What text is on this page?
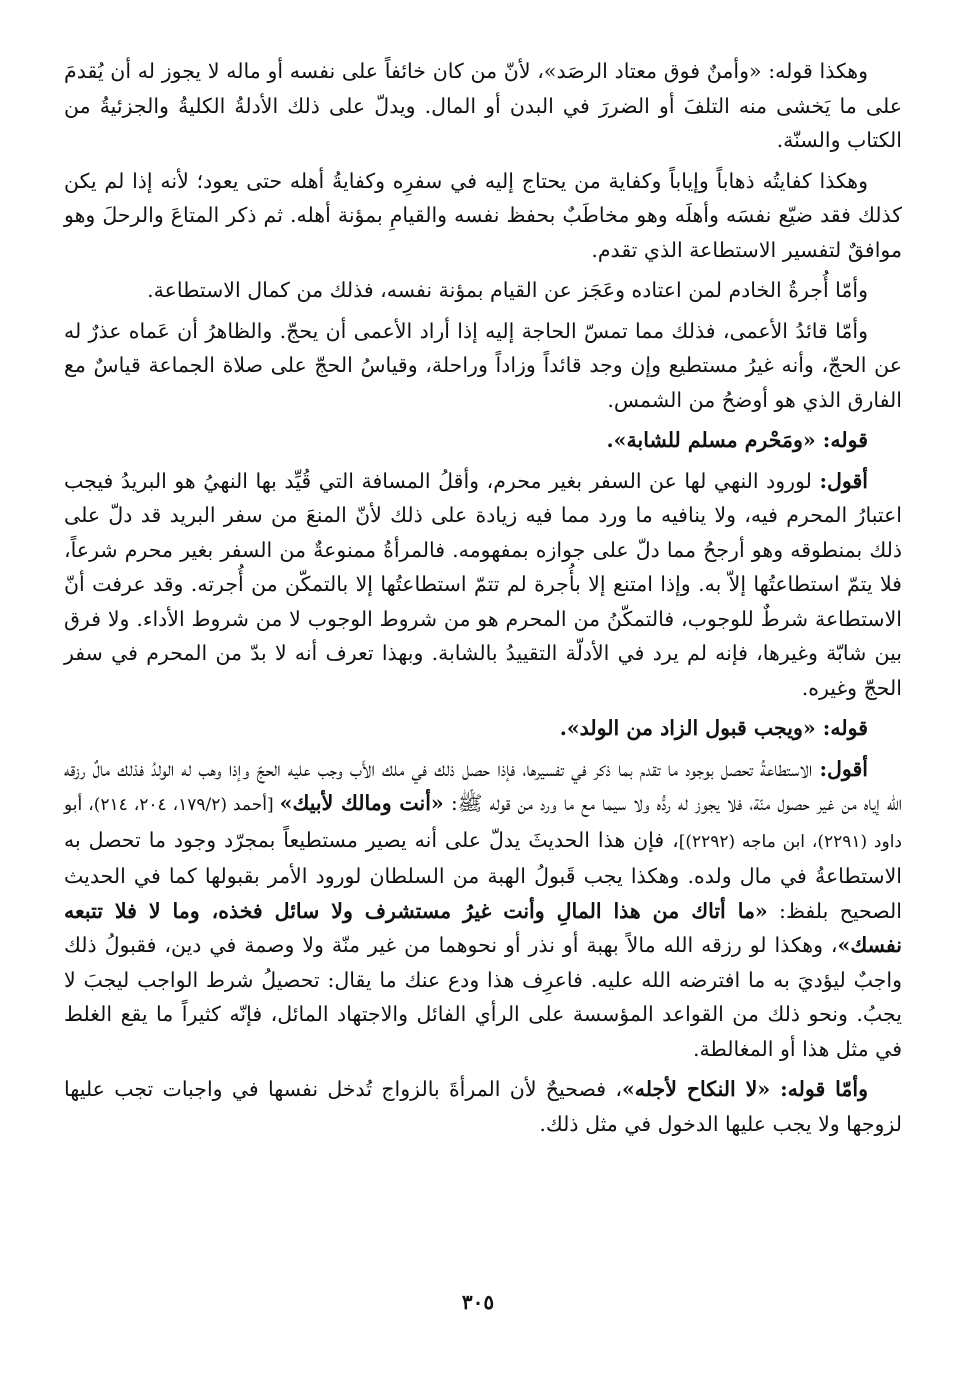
وهكذا قوله: «وأمنٌ فوق معتاد الرصَد»، لأنّ من كان خائفاً على نفسه أو ماله لا يجوز له أن يُقدمَ على ما يَخشى منه التلفَ أو الضررَ في البدن أو المال. ويدلّ على ذلك الأدلةُ الكليةُ والجزئيةُ من الكتاب والسنّة.

وهكذا كفايتُه ذهاباً وإياباً وكفاية من يحتاج إليه في سفرِه وكفايةُ أهله حتى يعود؛ لأنه إذا لم يكن كذلك فقد ضيّع نفسَه وأهلَه وهو مخاطَبٌ بحفظ نفسه والقيامِ بمؤنة أهله. ثم ذكر المتاعَ والرحلَ وهو موافقٌ لتفسير الاستطاعة الذي تقدم.

وأمّا أُجرةُ الخادم لمن اعتاده وعَجَز عن القيام بمؤنة نفسه، فذلك من كمال الاستطاعة.

وأمّا قائدُ الأعمى، فذلك مما تمسّ الحاجة إليه إذا أراد الأعمى أن يحجّ. والظاهرُ أن عَماه عذرٌ له عن الحجّ، وأنه غيرُ مستطيع وإن وجد قائداً وزاداً وراحلة، وقياسُ الحجّ على صلاة الجماعة قياسٌ مع الفارق الذي هو أوضحُ من الشمس.

قوله: «ومَحْرم مسلم للشابة».

أقول: لورود النهي لها عن السفر بغير محرم، وأقلُ المسافة التي قُيِّد بها النهيُ هو البريدُ فيجب اعتبارُ المحرم فيه، ولا ينافيه ما ورد مما فيه زيادة على ذلك لأنّ المنعَ من سفر البريد قد دلّ على ذلك بمنطوقه وهو أرجحُ مما دلّ على جوازه بمفهومه. فالمرأةُ ممنوعةٌ من السفر بغير محرم شرعاً، فلا يتمّ استطاعتُها إلاّ به. وإذا امتنع إلا بأُجرة لم تتمّ استطاعتُها إلا بالتمكّن من أُجرته. وقد عرفت أنّ الاستطاعة شرطٌ للوجوب، فالتمكّنُ من المحرم هو من شروط الوجوب لا من شروط الأداء. ولا فرق بين شابّة وغيرها، فإنه لم يرد في الأدلّة التقييدُ بالشابة. وبهذا تعرف أنه لا بدّ من المحرم في سفر الحجّ وغيره.

قوله: «ويجب قبول الزاد من الولد».

أقول: الاستطاعةُ تحصل بوجود ما تقدم بما ذكر في تفسيرها، فإذا حصل ذلك في ملك الأَب وجب عليه الحجّ وإذا وهب له الولدُ فذلك مالٌ رزقه الله إياه من غير حصول منّة، فلا يجوز له ردُّه ولا سيما مع ما ورد من قوله ﷺ: «أنت ومالك لأبيك» [أحمد (١٧٩/٢، ٢٠٤، ٢١٤)، أبو داود (٢٢٩١)، ابن ماجه (٢٢٩٢)]، فإن هذا الحديثَ يدلّ على أنه يصير مستطيعاً بمجرّد وجود ما تحصل به الاستطاعةُ في مال ولده. وهكذا يجب قَبولُ الهبة من السلطان لورود الأمر بقبولها كما في الحديث الصحيح بلفظ: «ما أتاك من هذا المالِ وأنت غيرُ مستشرف ولا سائل فخذه، وما لا فلا تتبعه نفسك»، وهكذا لو رزقه الله مالاً بهبة أو نذر أو نحوهما من غير منّة ولا وصمة في دين، فقبولُ ذلك واجبٌ ليؤديَ به ما افترضه الله عليه. فاعرِف هذا ودع عنك ما يقال: تحصيلُ شرط الواجب ليجبَ لا يجبُ. ونحو ذلك من القواعد المؤسسة على الرأي الفائل والاجتهاد المائل، فإنّه كثيراً ما يقع الغلط في مثل هذا أو المغالطة.

وأمّا قوله: «لا النكاح لأجله»، فصحيحٌ لأن المرأةَ بالزواج تُدخل نفسها في واجبات تجب عليها لزوجها ولا يجب عليها الدخول في مثل ذلك.

٣٠٥
